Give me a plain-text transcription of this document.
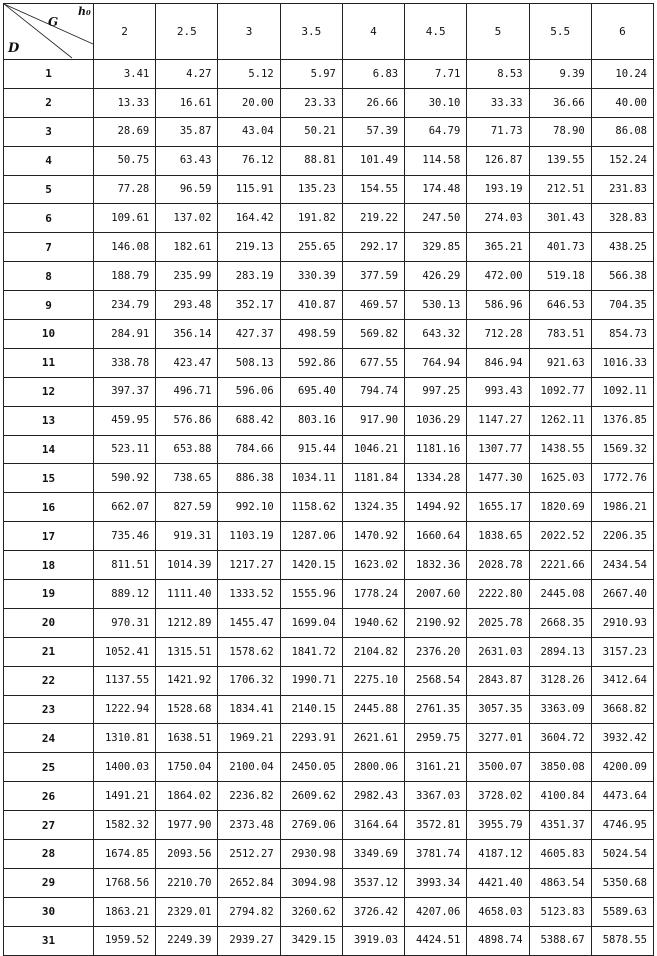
D
G
h₀	2	2.5	3	3.5	4	4.5	5	5.5	6
1	3.41	4.27	5.12	5.97	6.83	7.71	8.53	9.39	10.24
2	13.33	16.61	20.00	23.33	26.66	30.10	33.33	36.66	40.00
3	28.69	35.87	43.04	50.21	57.39	64.79	71.73	78.90	86.08
4	50.75	63.43	76.12	88.81	101.49	114.58	126.87	139.55	152.24
5	77.28	96.59	115.91	135.23	154.55	174.48	193.19	212.51	231.83
6	109.61	137.02	164.42	191.82	219.22	247.50	274.03	301.43	328.83
7	146.08	182.61	219.13	255.65	292.17	329.85	365.21	401.73	438.25
8	188.79	235.99	283.19	330.39	377.59	426.29	472.00	519.18	566.38
9	234.79	293.48	352.17	410.87	469.57	530.13	586.96	646.53	704.35
10	284.91	356.14	427.37	498.59	569.82	643.32	712.28	783.51	854.73
11	338.78	423.47	508.13	592.86	677.55	764.94	846.94	921.63	1016.33
12	397.37	496.71	596.06	695.40	794.74	997.25	993.43	1092.77	1092.11
13	459.95	576.86	688.42	803.16	917.90	1036.29	1147.27	1262.11	1376.85
14	523.11	653.88	784.66	915.44	1046.21	1181.16	1307.77	1438.55	1569.32
15	590.92	738.65	886.38	1034.11	1181.84	1334.28	1477.30	1625.03	1772.76
16	662.07	827.59	992.10	1158.62	1324.35	1494.92	1655.17	1820.69	1986.21
17	735.46	919.31	1103.19	1287.06	1470.92	1660.64	1838.65	2022.52	2206.35
18	811.51	1014.39	1217.27	1420.15	1623.02	1832.36	2028.78	2221.66	2434.54
19	889.12	1111.40	1333.52	1555.96	1778.24	2007.60	2222.80	2445.08	2667.40
20	970.31	1212.89	1455.47	1699.04	1940.62	2190.92	2025.78	2668.35	2910.93
21	1052.41	1315.51	1578.62	1841.72	2104.82	2376.20	2631.03	2894.13	3157.23
22	1137.55	1421.92	1706.32	1990.71	2275.10	2568.54	2843.87	3128.26	3412.64
23	1222.94	1528.68	1834.41	2140.15	2445.88	2761.35	3057.35	3363.09	3668.82
24	1310.81	1638.51	1969.21	2293.91	2621.61	2959.75	3277.01	3604.72	3932.42
25	1400.03	1750.04	2100.04	2450.05	2800.06	3161.21	3500.07	3850.08	4200.09
26	1491.21	1864.02	2236.82	2609.62	2982.43	3367.03	3728.02	4100.84	4473.64
27	1582.32	1977.90	2373.48	2769.06	3164.64	3572.81	3955.79	4351.37	4746.95
28	1674.85	2093.56	2512.27	2930.98	3349.69	3781.74	4187.12	4605.83	5024.54
29	1768.56	2210.70	2652.84	3094.98	3537.12	3993.34	4421.40	4863.54	5350.68
30	1863.21	2329.01	2794.82	3260.62	3726.42	4207.06	4658.03	5123.83	5589.63
31	1959.52	2249.39	2939.27	3429.15	3919.03	4424.51	4898.74	5388.67	5878.55
